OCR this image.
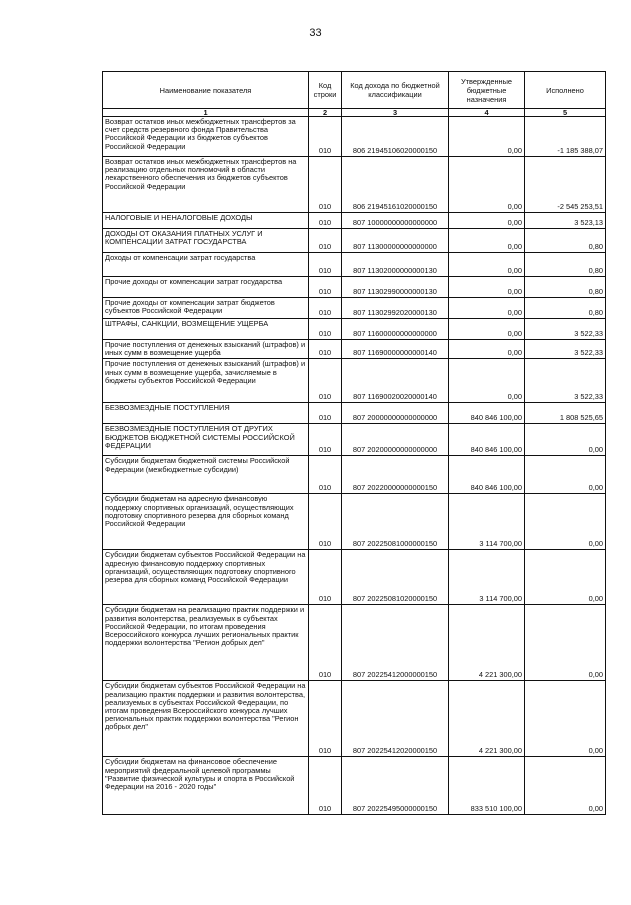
33
Наименование показателя	Код строки	Код дохода по бюджетной классификации	Утвержденные бюджетные назначения	Исполнено
1	2	3	4	5
Возврат остатков иных межбюджетных трансфертов за счет средств резервного фонда Правительства Российской Федерации из бюджетов субъектов Российской Федерации	010	806 21945106020000150	0,00	-1 185 388,07
Возврат остатков иных межбюджетных трансфертов на реализацию отдельных полномочий в области лекарственного обеспечения из бюджетов субъектов Российской Федерации	010	806 21945161020000150	0,00	-2 545 253,51
НАЛОГОВЫЕ И НЕНАЛОГОВЫЕ ДОХОДЫ	010	807 10000000000000000	0,00	3 523,13
ДОХОДЫ ОТ ОКАЗАНИЯ ПЛАТНЫХ УСЛУГ И КОМПЕНСАЦИИ ЗАТРАТ ГОСУДАРСТВА	010	807 11300000000000000	0,00	0,80
Доходы от компенсации затрат государства	010	807 11302000000000130	0,00	0,80
Прочие доходы от компенсации затрат государства	010	807 11302990000000130	0,00	0,80
Прочие доходы от компенсации затрат бюджетов субъектов Российской Федерации	010	807 11302992020000130	0,00	0,80
ШТРАФЫ, САНКЦИИ, ВОЗМЕЩЕНИЕ УЩЕРБА	010	807 11600000000000000	0,00	3 522,33
Прочие поступления от денежных взысканий (штрафов) и иных сумм в возмещение ущерба	010	807 11690000000000140	0,00	3 522,33
Прочие поступления от денежных взысканий (штрафов) и иных сумм в возмещение ущерба, зачисляемые в бюджеты субъектов Российской Федерации	010	807 11690020020000140	0,00	3 522,33
БЕЗВОЗМЕЗДНЫЕ ПОСТУПЛЕНИЯ	010	807 20000000000000000	840 846 100,00	1 808 525,65
БЕЗВОЗМЕЗДНЫЕ ПОСТУПЛЕНИЯ ОТ ДРУГИХ БЮДЖЕТОВ БЮДЖЕТНОЙ СИСТЕМЫ РОССИЙСКОЙ ФЕДЕРАЦИИ	010	807 20200000000000000	840 846 100,00	0,00
Субсидии бюджетам бюджетной системы Российской Федерации (межбюджетные субсидии)	010	807 20220000000000150	840 846 100,00	0,00
Субсидии бюджетам на адресную финансовую поддержку спортивных организаций, осуществляющих подготовку спортивного резерва для сборных команд Российской Федерации	010	807 20225081000000150	3 114 700,00	0,00
Субсидии бюджетам субъектов Российской Федерации на адресную финансовую поддержку спортивных организаций, осуществляющих подготовку спортивного резерва для сборных команд Российской Федерации	010	807 20225081020000150	3 114 700,00	0,00
Субсидии бюджетам на реализацию практик поддержки и развития волонтерства, реализуемых в субъектах Российской Федерации, по итогам проведения Всероссийского конкурса лучших региональных практик поддержки волонтерства "Регион добрых дел"	010	807 20225412000000150	4 221 300,00	0,00
Субсидии бюджетам субъектов Российской Федерации на реализацию практик поддержки и развития волонтерства, реализуемых в субъектах Российской Федерации, по итогам проведения Всероссийского конкурса лучших региональных практик поддержки волонтерства "Регион добрых дел"	010	807 20225412020000150	4 221 300,00	0,00
Субсидии бюджетам на финансовое обеспечение мероприятий федеральной целевой программы "Развитие физической культуры и спорта в Российской Федерации на 2016 - 2020 годы"	010	807 20225495000000150	833 510 100,00	0,00
